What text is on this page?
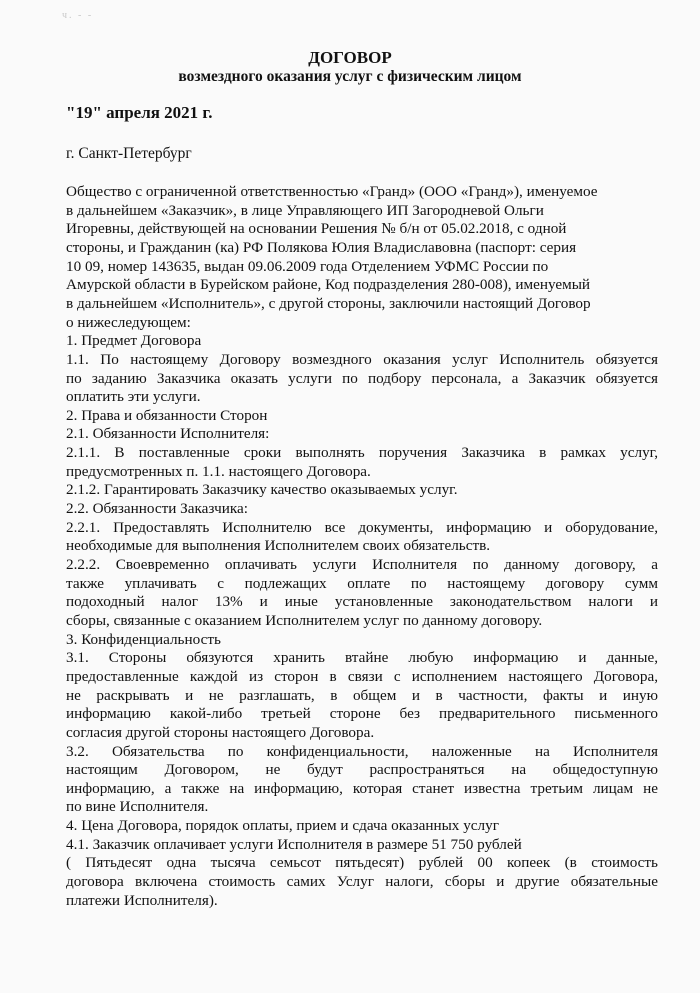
ч. - -
ДОГОВОР
возмездного оказания услуг с физическим лицом
"19" апреля 2021 г.
г. Санкт-Петербург
Общество с ограниченной ответственностью «Гранд» (ООО «Гранд»), именуемое
в дальнейшем «Заказчик», в лице Управляющего ИП Загородневой Ольги
Игоревны, действующей на основании Решения № б/н от 05.02.2018, с одной
стороны, и Гражданин (ка) РФ Полякова Юлия Владиславовна (паспорт: серия
10 09, номер 143635, выдан 09.06.2009 года Отделением УФМС России по
Амурской области в Бурейском районе, Код подразделения 280-008), именуемый
в дальнейшем «Исполнитель», с другой стороны, заключили настоящий Договор
о нижеследующем:
1. Предмет Договора
1.1. По настоящему Договору возмездного оказания услуг Исполнитель обязуется
по заданию Заказчика оказать услуги по подбору персонала, а Заказчик обязуется
оплатить эти услуги.
2. Права и обязанности Сторон
2.1. Обязанности Исполнителя:
2.1.1. В поставленные сроки выполнять поручения Заказчика в рамках услуг,
предусмотренных п. 1.1. настоящего Договора.
2.1.2. Гарантировать Заказчику качество оказываемых услуг.
2.2. Обязанности Заказчика:
2.2.1. Предоставлять Исполнителю все документы, информацию и оборудование,
необходимые для выполнения Исполнителем своих обязательств.
2.2.2. Своевременно оплачивать услуги Исполнителя по данному договору, а
также уплачивать с подлежащих оплате по настоящему договору сумм
подоходный налог 13% и иные установленные законодательством налоги и
сборы, связанные с оказанием Исполнителем услуг по данному договору.
3. Конфиденциальность
3.1. Стороны обязуются хранить втайне любую информацию и данные,
предоставленные каждой из сторон в связи с исполнением настоящего Договора,
не раскрывать и не разглашать, в общем и в частности, факты и иную
информацию какой-либо третьей стороне без предварительного письменного
согласия другой стороны настоящего Договора.
3.2. Обязательства по конфиденциальности, наложенные на Исполнителя
настоящим Договором, не будут распространяться на общедоступную
информацию, а также на информацию, которая станет известна третьим лицам не
по вине Исполнителя.
4. Цена Договора, порядок оплаты, прием и сдача оказанных услуг
4.1. Заказчик оплачивает услуги Исполнителя в размере 51 750 рублей
( Пятьдесят одна тысяча семьсот пятьдесят) рублей 00 копеек (в стоимость
договора включена стоимость самих Услуг налоги, сборы и другие обязательные
платежи Исполнителя).
